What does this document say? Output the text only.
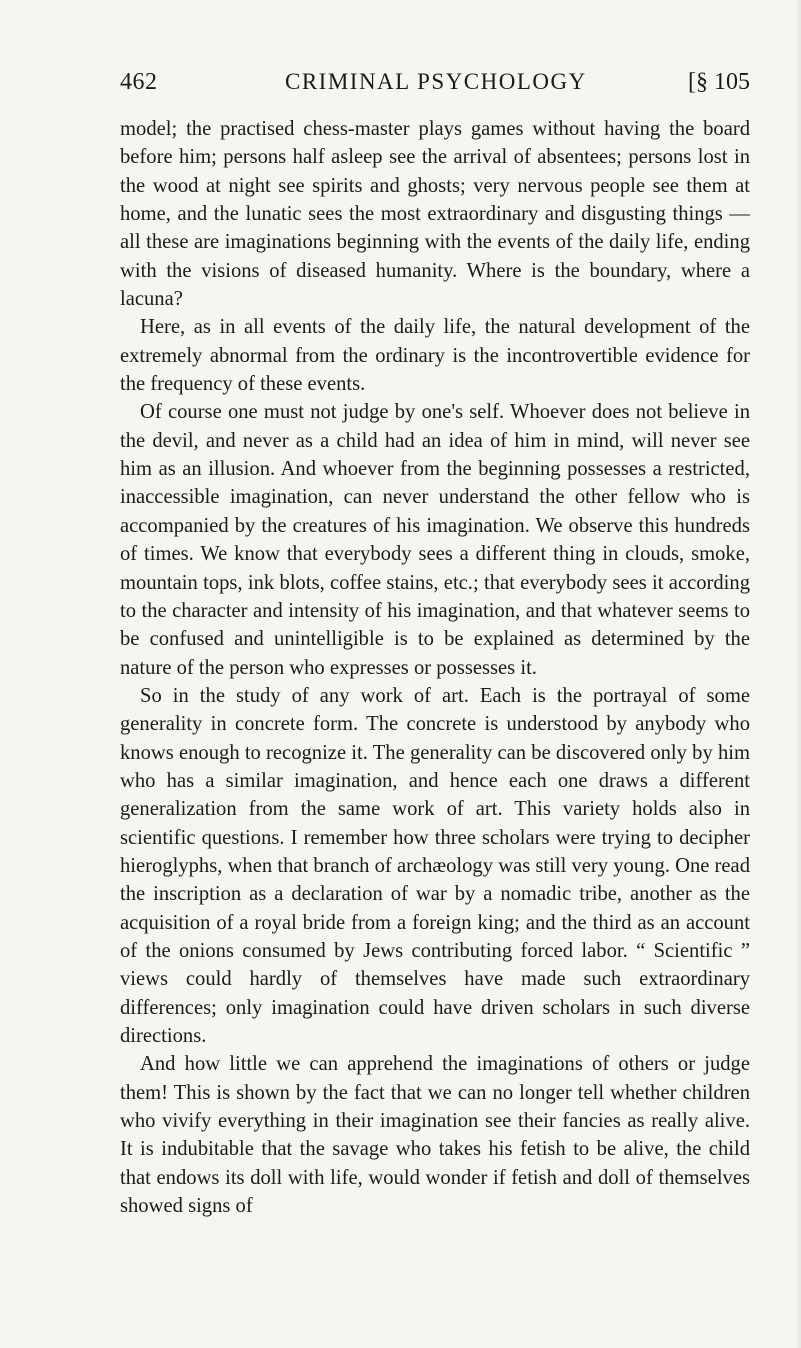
462	CRIMINAL PSYCHOLOGY	[§ 105

model; the practised chess-master plays games without having the board before him; persons half asleep see the arrival of absentees; persons lost in the wood at night see spirits and ghosts; very nervous people see them at home, and the lunatic sees the most extraordinary and disgusting things — all these are imaginations beginning with the events of the daily life, ending with the visions of diseased humanity. Where is the boundary, where a lacuna?

Here, as in all events of the daily life, the natural development of the extremely abnormal from the ordinary is the incontrovertible evidence for the frequency of these events.

Of course one must not judge by one's self. Whoever does not believe in the devil, and never as a child had an idea of him in mind, will never see him as an illusion. And whoever from the beginning possesses a restricted, inaccessible imagination, can never understand the other fellow who is accompanied by the creatures of his imagination. We observe this hundreds of times. We know that everybody sees a different thing in clouds, smoke, mountain tops, ink blots, coffee stains, etc.; that everybody sees it according to the character and intensity of his imagination, and that whatever seems to be confused and unintelligible is to be explained as determined by the nature of the person who expresses or possesses it.

So in the study of any work of art. Each is the portrayal of some generality in concrete form. The concrete is understood by anybody who knows enough to recognize it. The generality can be discovered only by him who has a similar imagination, and hence each one draws a different generalization from the same work of art. This variety holds also in scientific questions. I remember how three scholars were trying to decipher hieroglyphs, when that branch of archæology was still very young. One read the inscription as a declaration of war by a nomadic tribe, another as the acquisition of a royal bride from a foreign king; and the third as an account of the onions consumed by Jews contributing forced labor. “ Scientific ” views could hardly of themselves have made such extraordinary differences; only imagination could have driven scholars in such diverse directions.

And how little we can apprehend the imaginations of others or judge them! This is shown by the fact that we can no longer tell whether children who vivify everything in their imagination see their fancies as really alive. It is indubitable that the savage who takes his fetish to be alive, the child that endows its doll with life, would wonder if fetish and doll of themselves showed signs of
